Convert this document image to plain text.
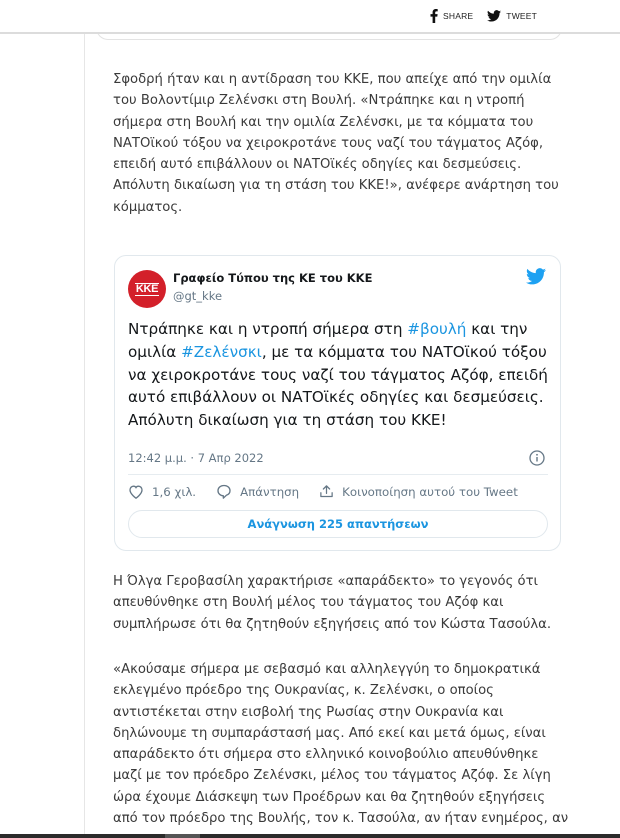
SHARE	TWEET
Σφοδρή ήταν και η αντίδραση του ΚΚΕ, που απείχε από την ομιλία
του Βολοντίμιρ Ζελένσκι στη Βουλή. «Ντράπηκε και η ντροπή
σήμερα στη Βουλή και την ομιλία Ζελένσκι, με τα κόμματα του
ΝΑΤΟϊκού τόξου να χειροκροτάνε τους ναζί του τάγματος Αζόφ,
επειδή αυτό επιβάλλουν οι ΝΑΤΟϊκές οδηγίες και δεσμεύσεις.
Απόλυτη δικαίωση για τη στάση του ΚΚΕ!», ανέφερε ανάρτηση του
κόμματος.
Η Όλγα Γεροβασίλη χαρακτήρισε «απαράδεκτο» το γεγονός ότι
απευθύνθηκε στη Βουλή μέλος του τάγματος του Αζόφ και
συμπλήρωσε ότι θα ζητηθούν εξηγήσεις από τον Κώστα Τασούλα.
«Ακούσαμε σήμερα με σεβασμό και αλληλεγγύη το δημοκρατικά
εκλεγμένο πρόεδρο της Ουκρανίας, κ. Ζελένσκι, ο οποίος
αντιστέκεται στην εισβολή της Ρωσίας στην Ουκρανία και
δηλώνουμε τη συμπαράστασή μας. Από εκεί και μετά όμως, είναι
απαράδεκτο ότι σήμερα στο ελληνικό κοινοβούλιο απευθύνθηκε
μαζί με τον πρόεδρο Ζελένσκι, μέλος του τάγματος Αζόφ. Σε λίγη
ώρα έχουμε Διάσκεψη των Προέδρων και θα ζητηθούν εξηγήσεις
από τον πρόεδρο της Βουλής, τον κ. Τασούλα, αν ήταν ενημέρος, αν
KKE
Γραφείο Τύπου της ΚΕ του ΚΚΕ
@gt_kke
Ντράπηκε και η ντροπή σήμερα στη #βουλή και την ομιλία #Ζελένσκι, με τα κόμματα του ΝΑΤΟϊκού τόξου να χειροκροτάνε τους ναζί του τάγματος Αζόφ, επειδή αυτό επιβάλλουν οι ΝΑΤΟϊκές οδηγίες και δεσμεύσεις. Απόλυτη δικαίωση για τη στάση του ΚΚΕ!
12:42 μ.μ. · 7 Απρ 2022
1,6 χιλ.	Απάντηση	Κοινοποίηση αυτού του Tweet
Ανάγνωση 225 απαντήσεων
